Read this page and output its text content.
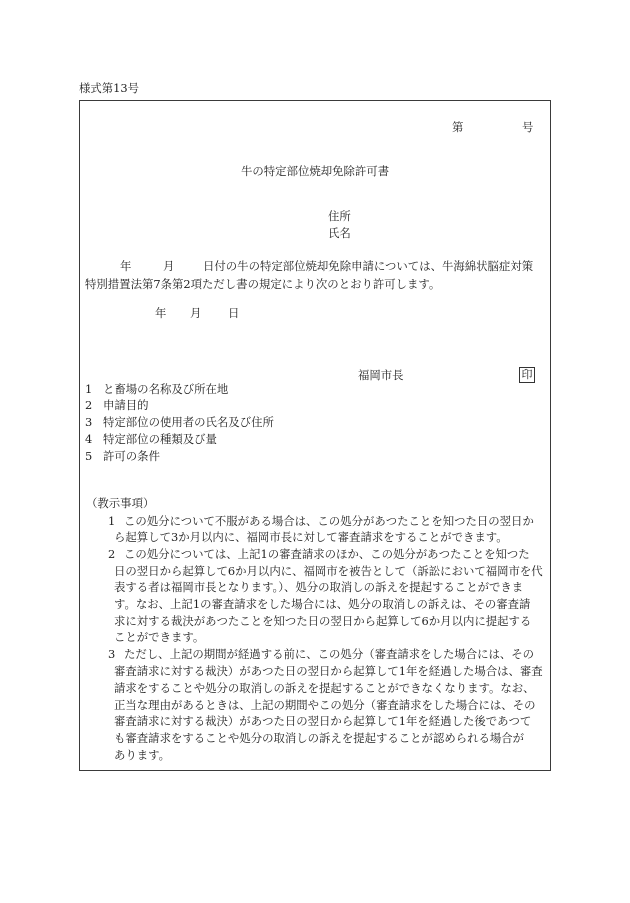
様式第13号
第	号
牛の特定部位焼却免除許可書
住所
氏名
年	月	日付の牛の特定部位焼却免除申請については、牛海綿状脳症対策
特別措置法第7条第2項ただし書の規定により次のとおり許可します。
年 月 日
福岡市長	印
1 と畜場の名称及び所在地
2 申請目的
3 特定部位の使用者の氏名及び住所
4 特定部位の種類及び量
5 許可の条件
（教示事項）
1 この処分について不服がある場合は、この処分があつたことを知つた日の翌日か
ら起算して3か月以内に、福岡市長に対して審査請求をすることができます。
2 この処分については、上記1の審査請求のほか、この処分があつたことを知つた
日の翌日から起算して6か月以内に、福岡市を被告として（訴訟において福岡市を代
表する者は福岡市長となります。）、処分の取消しの訴えを提起することができま
す。なお、上記1の審査請求をした場合には、処分の取消しの訴えは、その審査請
求に対する裁決があつたことを知つた日の翌日から起算して6か月以内に提起する
ことができます。
3 ただし、上記の期間が経過する前に、この処分（審査請求をした場合には、その
審査請求に対する裁決）があつた日の翌日から起算して1年を経過した場合は、審査
請求をすることや処分の取消しの訴えを提起することができなくなります。なお、
正当な理由があるときは、上記の期間やこの処分（審査請求をした場合には、その
審査請求に対する裁決）があつた日の翌日から起算して1年を経過した後であつて
も審査請求をすることや処分の取消しの訴えを提起することが認められる場合が
あります。
